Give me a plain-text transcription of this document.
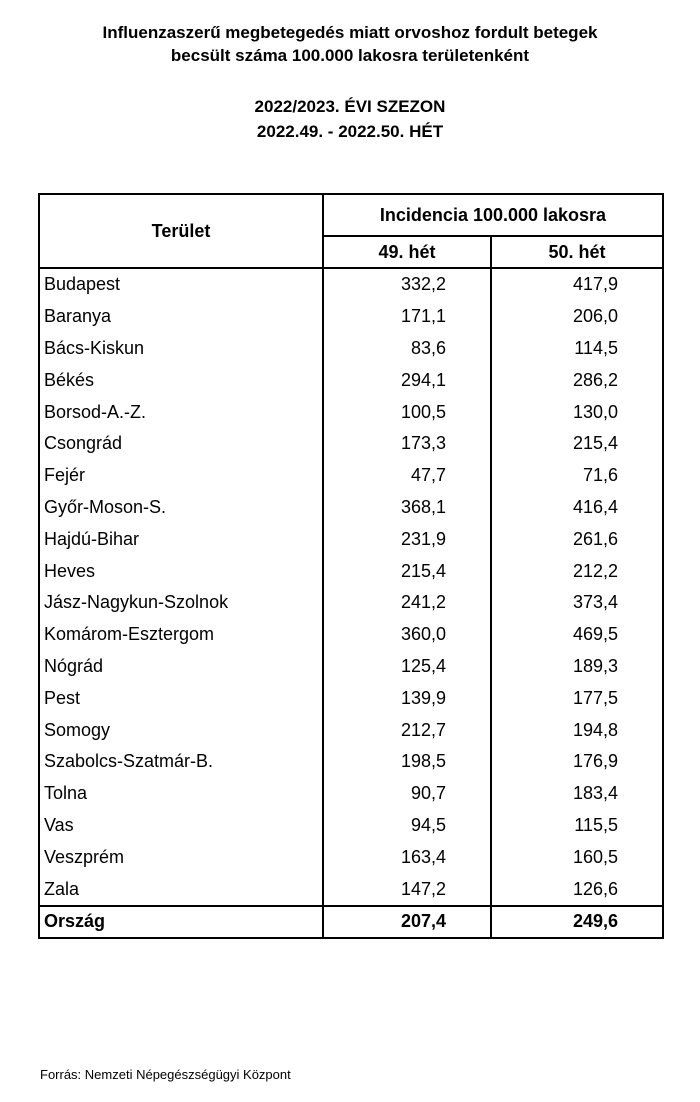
Influenzaszerű megbetegedés miatt orvoshoz fordult betegek
becsült száma 100.000 lakosra területenként
2022/2023. ÉVI SZEZON
2022.49. - 2022.50. HÉT
Terület	Incidencia 100.000 lakosra	
	49. hét	50. hét
Budapest	332,2	417,9
Baranya	171,1	206,0
Bács-Kiskun	83,6	114,5
Békés	294,1	286,2
Borsod-A.-Z.	100,5	130,0
Csongrád	173,3	215,4
Fejér	47,7	71,6
Győr-Moson-S.	368,1	416,4
Hajdú-Bihar	231,9	261,6
Heves	215,4	212,2
Jász-Nagykun-Szolnok	241,2	373,4
Komárom-Esztergom	360,0	469,5
Nógrád	125,4	189,3
Pest	139,9	177,5
Somogy	212,7	194,8
Szabolcs-Szatmár-B.	198,5	176,9
Tolna	90,7	183,4
Vas	94,5	115,5
Veszprém	163,4	160,5
Zala	147,2	126,6
Ország	207,4	249,6
Forrás: Nemzeti Népegészségügyi Központ
